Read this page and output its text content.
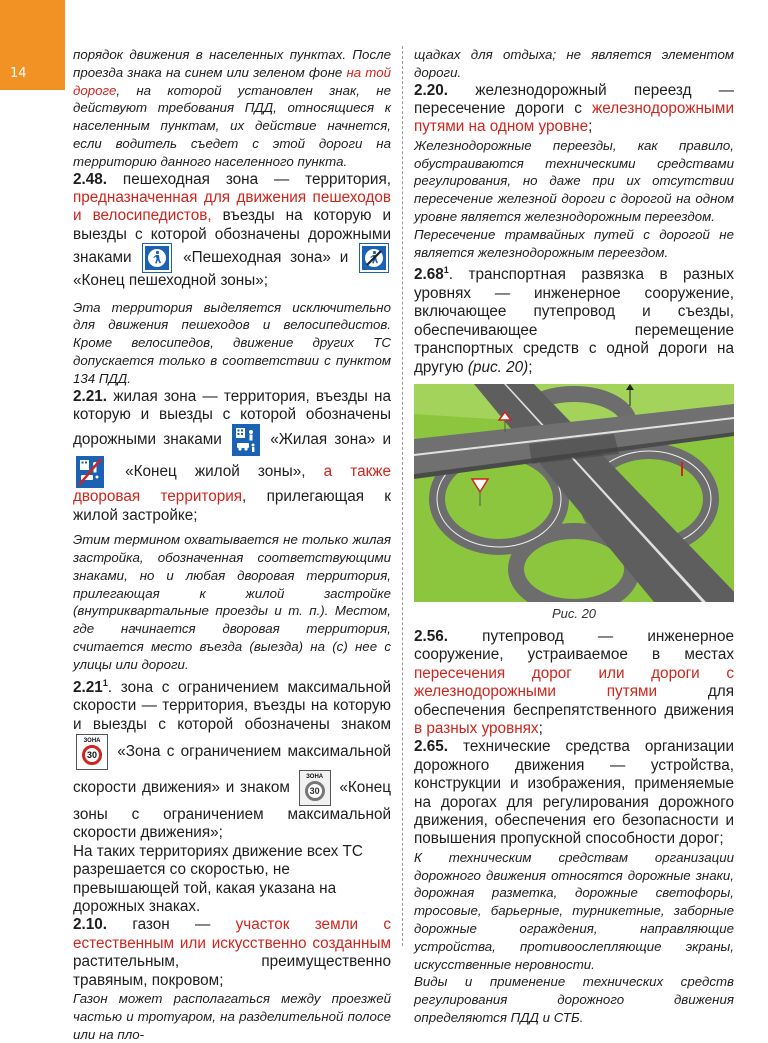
14

порядок движения в населенных пунктах. После проезда знака на синем или зеленом фоне на той дороге, на которой установлен знак, не действуют требования ПДД, относящиеся к населенным пунктам, их действие начнется, если водитель съедет с этой дороги на территорию данного населенного пункта.

2.48. пешеходная зона — территория, предназначенная для движения пешеходов и велосипедистов, въезды на которую и выезды с которой обозначены дорожными знаками	«Пешеходная зона» и
«Конец пешеходной зоны»;

Эта территория выделяется исключительно для движения пешеходов и велосипедистов. Кроме велосипедов, движение других ТС допускается только в соответствии с пунктом 134 ПДД.

2.21. жилая зона — территория, въезды на которую и выезды с которой обозначены дорожными знаками	«Жилая зона» и
«Конец жилой зоны», а также дворовая территория, прилегающая к жилой застройке;

Этим термином охватывается не только жилая застройка, обозначенная соответствующими знаками, но и любая дворовая территория, прилегающая к жилой застройке (внутриквартальные проезды и т. п.). Местом, где начинается дворовая территория, считается место въезда (выезда) на (с) нее с улицы или дороги.

2.21$^1$. зона с ограничением максимальной скорости — территория, въезды на которую и выезды с которой обозначены знаком
ЗОНА
30	«Зона с ограничением максимальной скорости движения» и знаком
ЗОНА
30	«Конец зоны с ограничением максимальной скорости движения»;

На таких территориях движение всех ТС разрешается со скоростью, не превышающей той, какая указана на дорожных знаках.

2.10. газон — участок земли с естественным или искусственно созданным растительным, преимущественно травяным, покровом;

Газон может располагаться между проезжей частью и тротуаром, на разделительной полосе или на пло-

щадках для отдыха; не является элементом дороги.

2.20. железнодорожный переезд — пересечение дороги с железнодорожными путями на одном уровне;

Железнодорожные переезды, как правило, обустраиваются техническими средствами регулирования, но даже при их отсутствии пересечение железной дороги с дорогой на одном уровне является железнодорожным переездом.

Пересечение трамвайных путей с дорогой не является железнодорожным переездом.

2.68$^1$. транспортная развязка в разных уровнях — инженерное сооружение, включающее путепровод и съезды, обеспечивающее перемещение транспортных средств с одной дороги на другую (рис. 20);

Рис. 20

2.56. путепровод — инженерное сооружение, устраиваемое в местах пересечения дорог или дороги с железнодорожными путями	для обеспечения беспрепятственного движения в разных уровнях;

2.65. технические средства организации дорожного движения — устройства, конструкции и изображения, применяемые на дорогах для регулирования дорожного движения, обеспечения его безопасности и повышения пропускной способности дорог;

К техническим средствам организации дорожного движения относятся дорожные знаки, дорожная разметка, дорожные светофоры, тросовые, барьерные, турникетные, заборные дорожные ограждения, направляющие устройства, противоослепляющие экраны, искусственные неровности.

Виды и применение технических средств регулирования дорожного движения определяются ПДД и СТБ.
